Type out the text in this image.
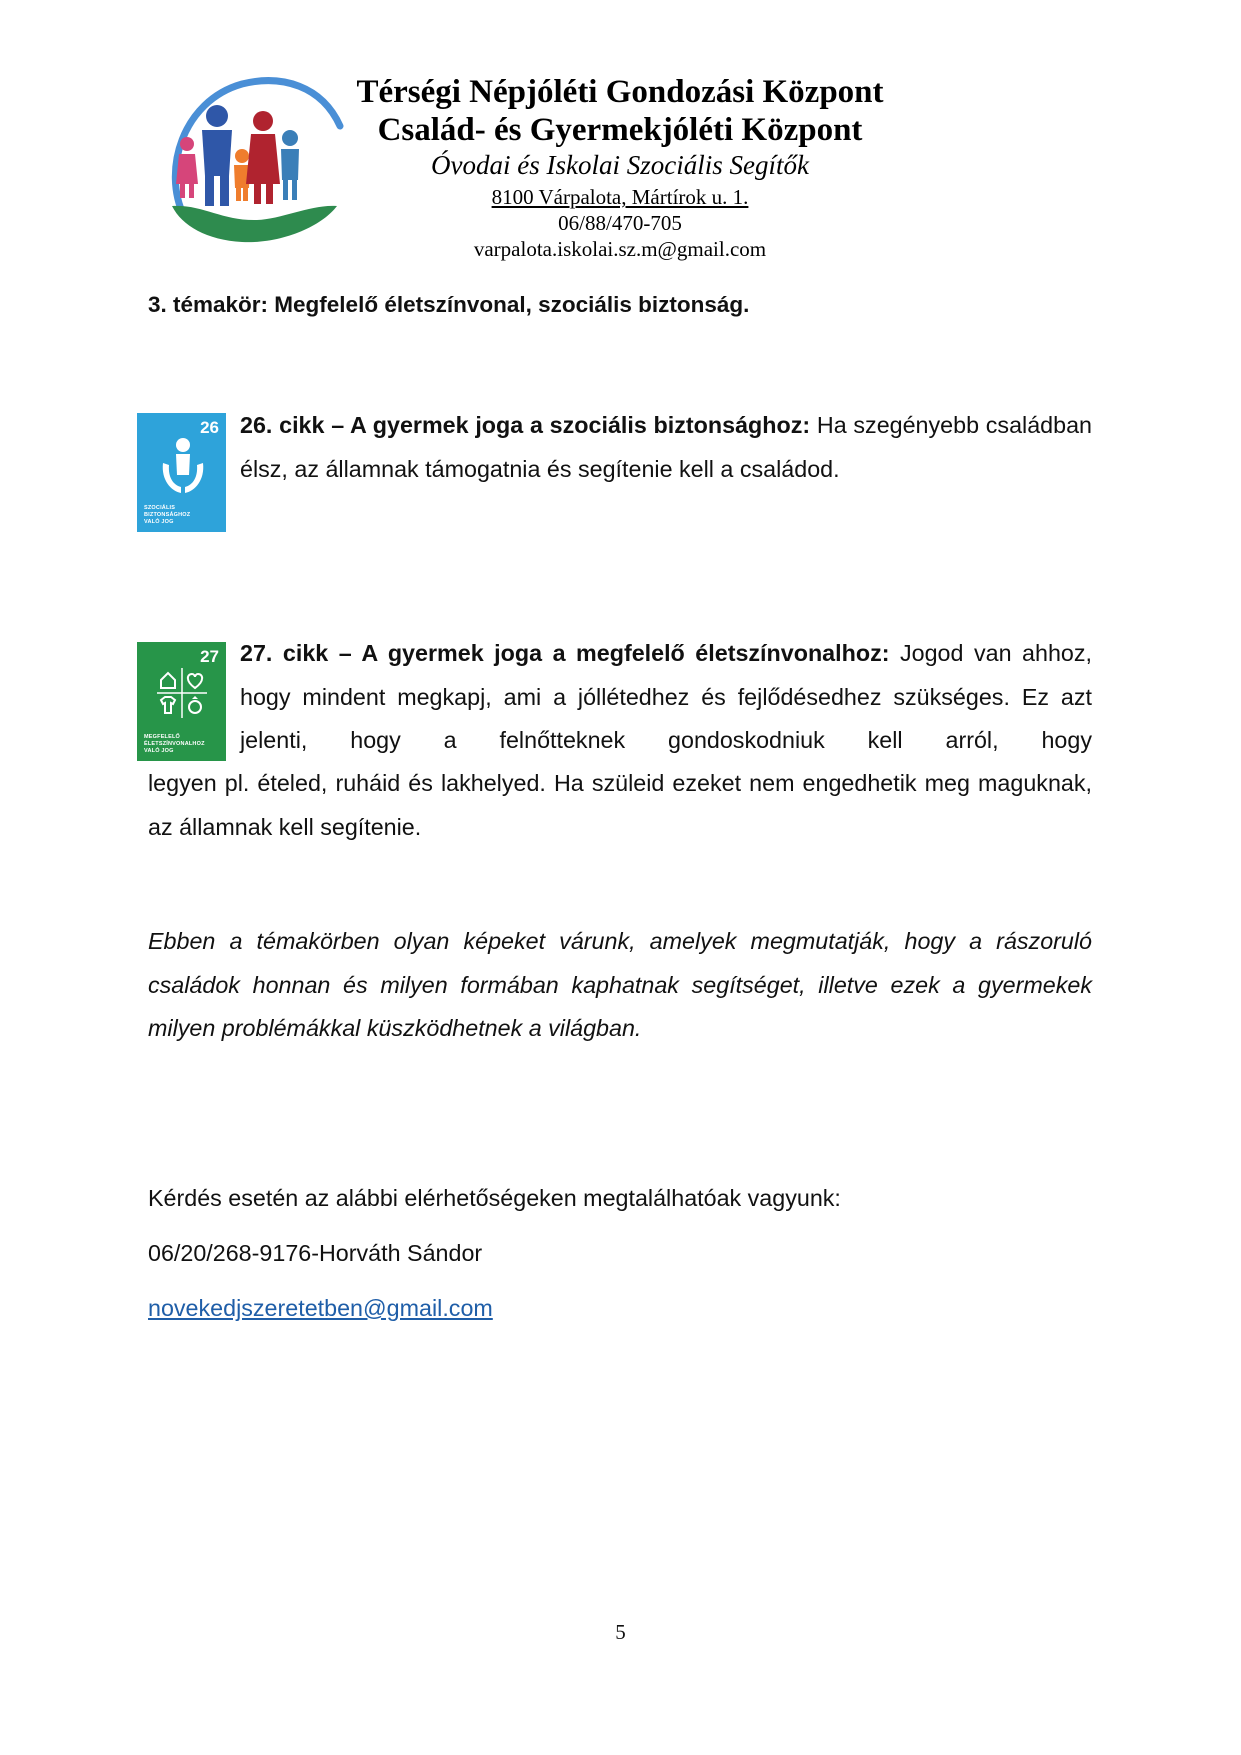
Térségi Népjóléti Gondozási Központ
Család- és Gyermekjóléti Központ
Óvodai és Iskolai Szociális Segítők
8100 Várpalota, Mártírok u. 1.
06/88/470-705
varpalota.iskolai.sz.m@gmail.com
3. témakör: Megfelelő életszínvonal, szociális biztonság.
26
SZOCIÁLIS
BIZTONSÁGHOZ
VALÓ JOG
26. cikk – A gyermek joga a szociális biztonsághoz: Ha szegényebb családban élsz, az államnak támogatnia és segítenie kell a családod.
27
MEGFELELŐ
ÉLETSZÍNVONALHOZ
VALÓ JOG
27. cikk – A gyermek joga a megfelelő életszínvonalhoz: Jogod van ahhoz, hogy mindent megkapj, ami a jóllétedhez és fejlődésedhez szükséges. Ez azt jelenti, hogy a felnőtteknek gondoskodniuk kell arról, hogy
legyen pl. ételed, ruháid és lakhelyed. Ha szüleid ezeket nem engedhetik meg maguknak, az államnak kell segítenie.
Ebben a témakörben olyan képeket várunk, amelyek megmutatják, hogy a rászoruló családok honnan és milyen formában kaphatnak segítséget, illetve ezek a gyermekek milyen problémákkal küszködhetnek a világban.
Kérdés esetén az alábbi elérhetőségeken megtalálhatóak vagyunk:
06/20/268-9176-Horváth Sándor
novekedjszeretetben@gmail.com
5
